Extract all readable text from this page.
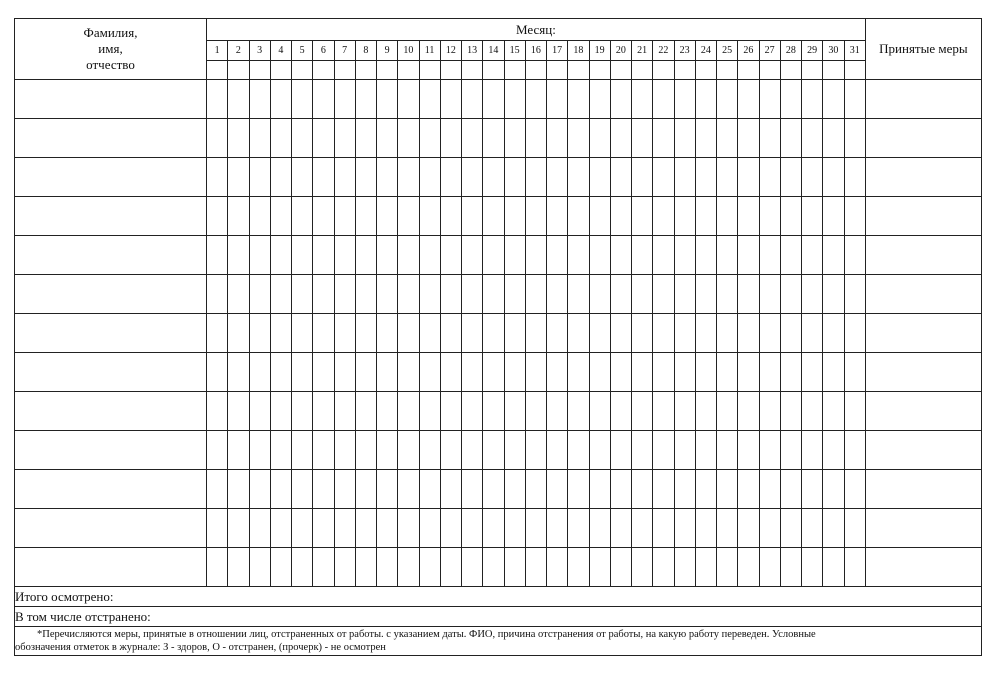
Фамилия,
имя,
отчество	Месяц:																															Принятые меры
	1	2	3	4	5	6	7	8	9	10	11	12	13	14	15	16	17	18	19	20	21	22	23	24	25	26	27	28	29	30	31	

Итого осмотрено:																																
В том числе отстранено:																																

*Перечисляются меры, принятые в отношении лиц, отстраненных от работы. с указанием даты. ФИО, причина отстранения от работы, на какую работу переведен. Условные
обозначения отметок в журнале: З - здоров, О - отстранен, (прочерк) - не осмотрен																																
